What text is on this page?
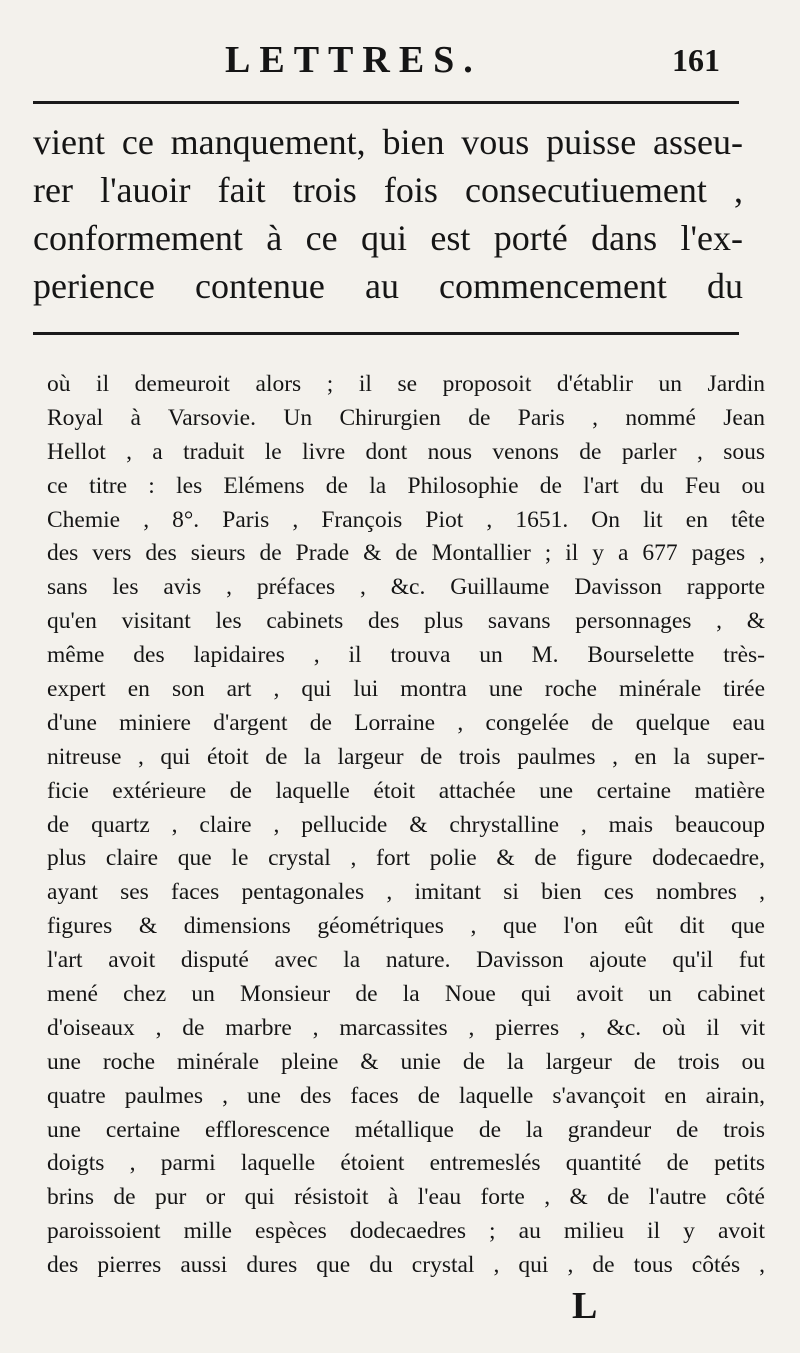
LETTRES.	161
vient ce manquement, bien vous puisse asseu-
rer l'auoir fait trois fois consecutiuement ,
conformement à ce qui est porté dans l'ex-
perience contenue au commencement du
où il demeuroit alors ; il se proposoit d'établir un Jardin
Royal à Varsovie. Un Chirurgien de Paris , nommé Jean
Hellot , a traduit le livre dont nous venons de parler , sous
ce titre : les Elémens de la Philosophie de l'art du Feu ou
Chemie , 8°. Paris , François Piot , 1651. On lit en tête
des vers des sieurs de Prade & de Montallier ; il y a 677 pages ,
sans les avis , préfaces , &c. Guillaume Davisson rapporte
qu'en visitant les cabinets des plus savans personnages , &
même des lapidaires , il trouva un M. Bourselette très-
expert en son art , qui lui montra une roche minérale tirée
d'une miniere d'argent de Lorraine , congelée de quelque eau
nitreuse , qui étoit de la largeur de trois paulmes , en la super-
ficie extérieure de laquelle étoit attachée une certaine matière
de quartz , claire , pellucide & chrystalline , mais beaucoup
plus claire que le crystal , fort polie & de figure dodecaedre,
ayant ses faces pentagonales , imitant si bien ces nombres ,
figures & dimensions géométriques , que l'on eût dit que
l'art avoit disputé avec la nature. Davisson ajoute qu'il fut
mené chez un Monsieur de la Noue qui avoit un cabinet
d'oiseaux , de marbre , marcassites , pierres , &c. où il vit
une roche minérale pleine & unie de la largeur de trois ou
quatre paulmes , une des faces de laquelle s'avançoit en airain,
une certaine efflorescence métallique de la grandeur de trois
doigts , parmi laquelle étoient entremeslés quantité de petits
brins de pur or qui résistoit à l'eau forte , & de l'autre côté
paroissoient mille espèces dodecaedres ; au milieu il y avoit
des pierres aussi dures que du crystal , qui , de tous côtés ,
L
